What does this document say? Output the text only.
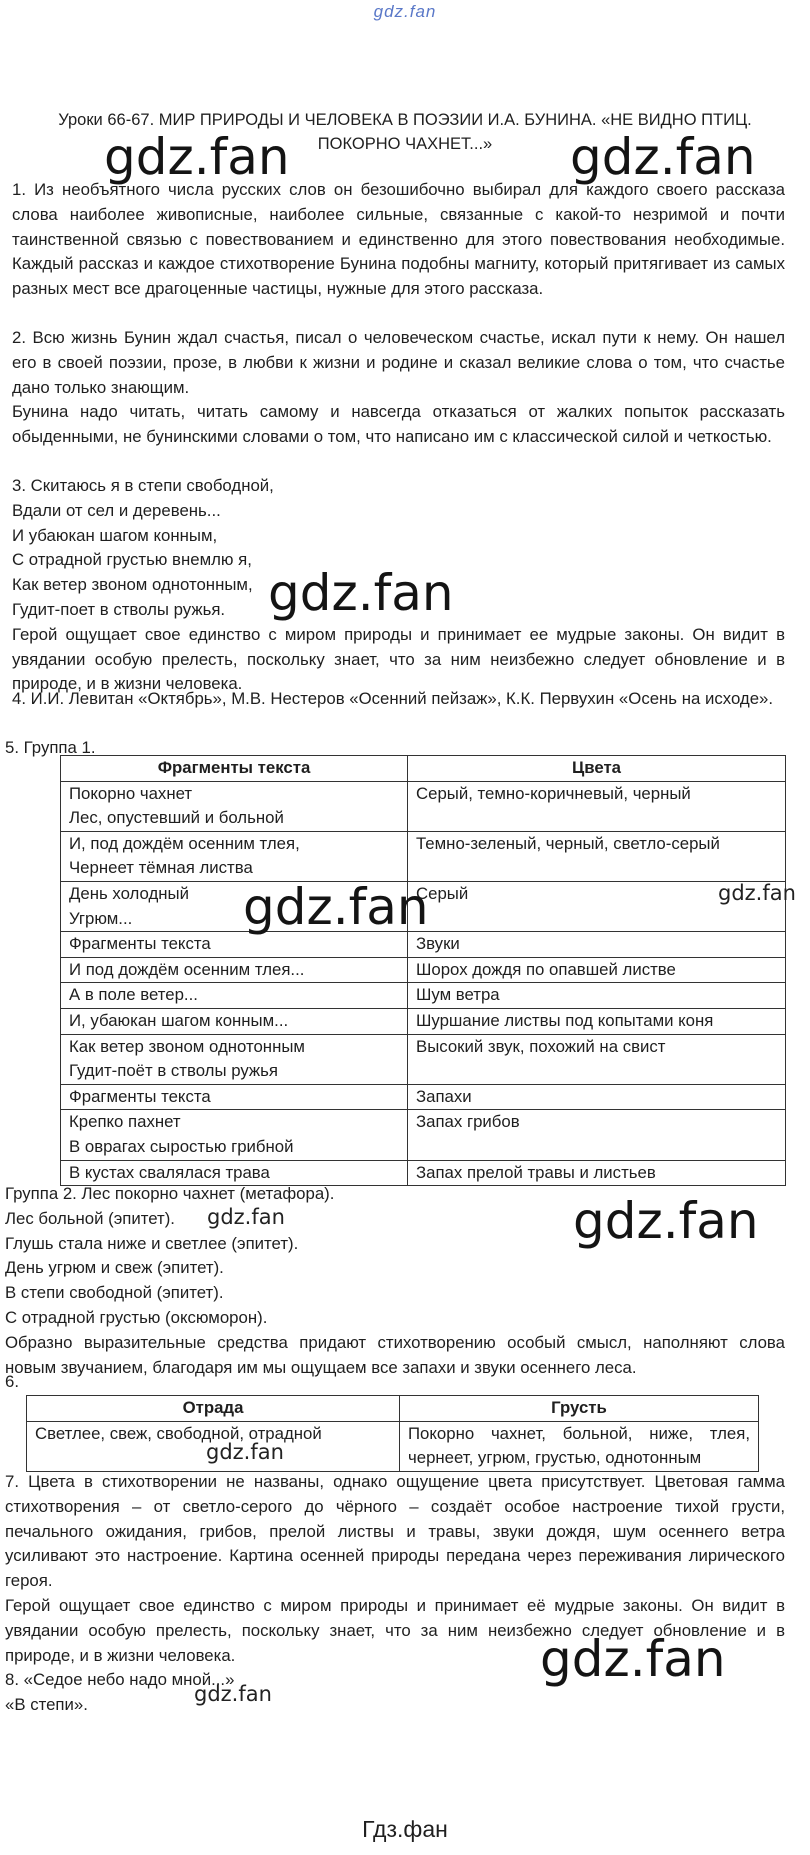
gdz.fan
Уроки 66-67. МИР ПРИРОДЫ И ЧЕЛОВЕКА В ПОЭЗИИ И.А. БУНИНА. «НЕ ВИДНО ПТИЦ.
ПОКОРНО ЧАХНЕТ...»
1. Из необъятного числа русских слов он безошибочно выбирал для каждого своего рассказа слова наиболее живописные, наиболее сильные, связанные с какой-то незримой и почти таинственной связью с повествованием и единственно для этого повествования необходимые. Каждый рассказ и каждое стихотворение Бунина подобны магниту, который притягивает из самых разных мест все драгоценные частицы, нужные для этого рассказа.
2. Всю жизнь Бунин ждал счастья, писал о человеческом счастье, искал пути к нему. Он нашел его в своей поэзии, прозе, в любви к жизни и родине и сказал великие слова о том, что счастье дано только знающим.
Бунина надо читать, читать самому и навсегда отказаться от жалких попыток рассказать обыденными, не бунинскими словами о том, что написано им с классической силой и четкостью.
3. Скитаюсь я в степи свободной,
Вдали от сел и деревень...
И убаюкан шагом конным,
С отрадной грустью внемлю я,
Как ветер звоном однотонным,
Гудит-поет в стволы ружья.
Герой ощущает свое единство с миром природы и принимает ее мудрые законы. Он видит в увядании особую прелесть, поскольку знает, что за ним неизбежно следует обновление и в природе, и в жизни человека.
4. И.И. Левитан «Октябрь», М.В. Нестеров «Осенний пейзаж», К.К. Первухин «Осень на исходе».
5. Группа 1.
Фрагменты текста	Цвета

Покорно чахнет
Лес, опустевший и больной	Серый, темно-коричневый, черный

И, под дождём осенним тлея,
Чернеет тёмная листва	Темно-зеленый, черный, светло-серый

День холодный
Угрюм...	Серый

Фрагменты текста	Звуки

И под дождём осенним тлея...	Шорох дождя по опавшей листве

А в поле ветер...	Шум ветра

И, убаюкан шагом конным...	Шуршание листвы под копытами коня

Как ветер звоном однотонным
Гудит-поёт в стволы ружья	Высокий звук, похожий на свист

Фрагменты текста	Запахи

Крепко пахнет
В оврагах сыростью грибной	Запах грибов

В кустах свалялася трава	Запах прелой травы и листьев
Группа 2. Лес покорно чахнет (метафора).
Лес больной (эпитет).
Глушь стала ниже и светлее (эпитет).
День угрюм и свеж (эпитет).
В степи свободной (эпитет).
С отрадной грустью (оксюморон).
Образно выразительные средства придают стихотворению особый смысл, наполняют слова новым звучанием, благодаря им мы ощущаем все запахи и звуки осеннего леса.
6.
Отрада	Грусть

Светлее, свеж, свободной, отрадной	Покорно чахнет, больной, ниже, тлея, чернеет, угрюм, грустью, однотонным
7. Цвета в стихотворении не названы, однако ощущение цвета присутствует. Цветовая гамма стихотворения – от светло-серого до чёрного – создаёт особое настроение тихой грусти, печального ожидания, грибов, прелой листвы и травы, звуки дождя, шум осеннего ветра усиливают это настроение. Картина осенней природы передана через переживания лирического героя.
Герой ощущает свое единство с миром природы и принимает её мудрые законы. Он видит в увядании особую прелесть, поскольку знает, что за ним неизбежно следует обновление и в природе, и в жизни человека.
8. «Седое небо надо мной...»
«В степи».
gdz.fan	gdz.fan
gdz.fan
gdz.fan	gdz.fan
gdz.fan	gdz.fan
gdz.fan
gdz.fan
gdz.fan
Гдз.фан
